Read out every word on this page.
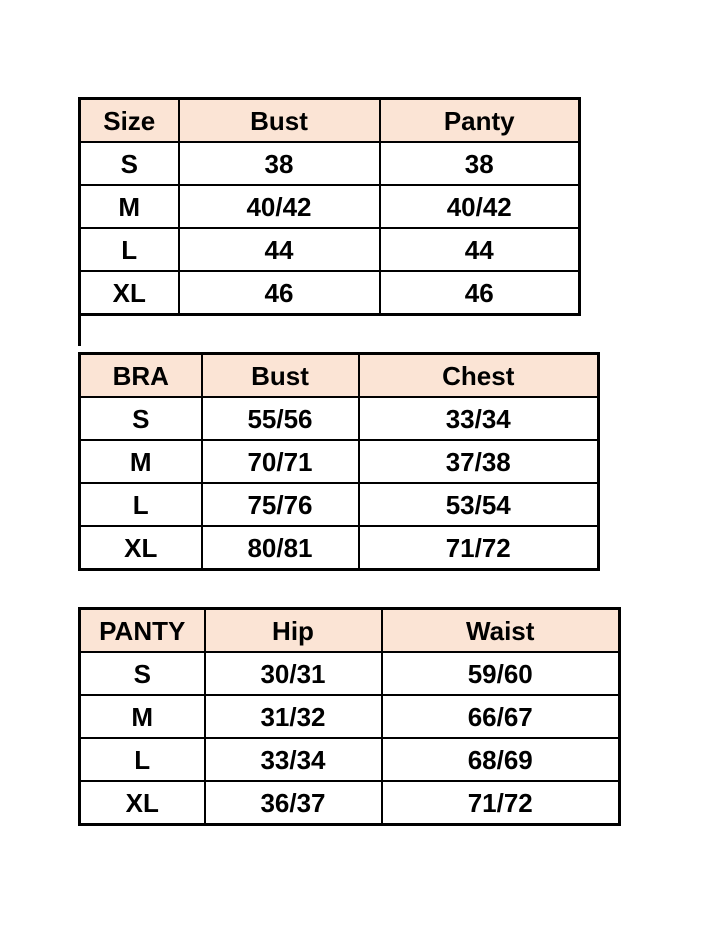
Size	Bust	Panty
S	38	38
M	40/42	40/42
L	44	44
XL	46	46
BRA	Bust	Chest
S	55/56	33/34
M	70/71	37/38
L	75/76	53/54
XL	80/81	71/72
PANTY	Hip	Waist
S	30/31	59/60
M	31/32	66/67
L	33/34	68/69
XL	36/37	71/72
